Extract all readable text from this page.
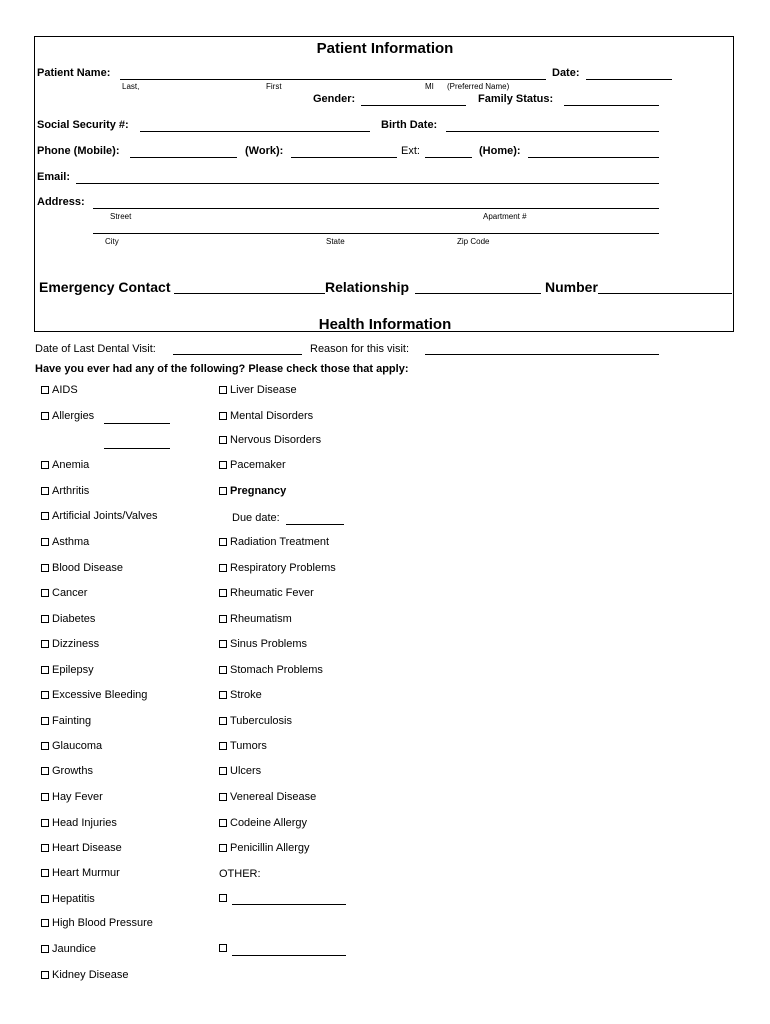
Patient Information
Patient Name:	Date:
Last,	First	MI (Preferred Name)
Gender:	Family Status:
Social Security #:	Birth Date:
Phone (Mobile):	(Work):	Ext:	(Home):
Email:
Address:
Street	Apartment #
City	State	Zip Code
Emergency Contact	Relationship	Number
Health Information
Date of Last Dental Visit:	Reason for this visit:
Have you ever had any of the following? Please check those that apply:
AIDS
Allergies
Anemia
Arthritis
Artificial Joints/Valves
Asthma
Blood Disease
Cancer
Diabetes
Dizziness
Epilepsy
Excessive Bleeding
Fainting
Glaucoma
Growths
Hay Fever
Head Injuries
Heart Disease
Heart Murmur
Hepatitis
High Blood Pressure
Jaundice
Kidney Disease
Liver Disease
Mental Disorders
Nervous Disorders
Pacemaker
Pregnancy
Radiation Treatment
Respiratory Problems
Rheumatic Fever
Rheumatism
Sinus Problems
Stomach Problems
Stroke
Tuberculosis
Tumors
Ulcers
Venereal Disease
Codeine Allergy
Penicillin Allergy
Due date:
OTHER:
